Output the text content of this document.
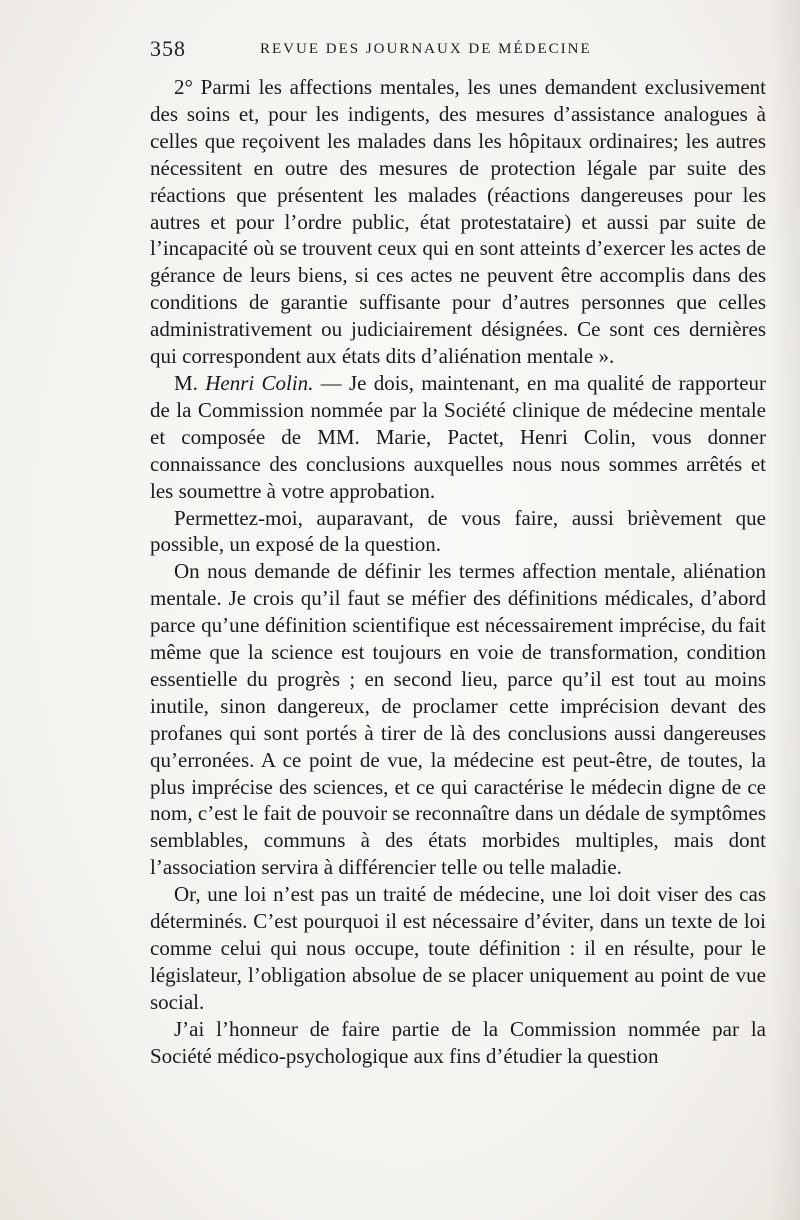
358	REVUE DES JOURNAUX DE MÉDECINE

2° Parmi les affections mentales, les unes demandent exclusivement des soins et, pour les indigents, des mesures d’assistance analogues à celles que reçoivent les malades dans les hôpitaux ordinaires; les autres nécessitent en outre des mesures de protection légale par suite des réactions que présentent les malades (réactions dangereuses pour les autres et pour l’ordre public, état protestataire) et aussi par suite de l’incapacité où se trouvent ceux qui en sont atteints d’exercer les actes de gérance de leurs biens, si ces actes ne peuvent être accomplis dans des conditions de garantie suffisante pour d’autres personnes que celles administrativement ou judiciairement désignées. Ce sont ces dernières qui correspondent aux états dits d’aliénation mentale ».

M. Henri Colin. — Je dois, maintenant, en ma qualité de rapporteur de la Commission nommée par la Société clinique de médecine mentale et composée de MM. Marie, Pactet, Henri Colin, vous donner connaissance des conclusions auxquelles nous nous sommes arrêtés et les soumettre à votre approbation.

Permettez-moi, auparavant, de vous faire, aussi brièvement que possible, un exposé de la question.

On nous demande de définir les termes affection mentale, aliénation mentale. Je crois qu’il faut se méfier des définitions médicales, d’abord parce qu’une définition scientifique est nécessairement imprécise, du fait même que la science est toujours en voie de transformation, condition essentielle du progrès ; en second lieu, parce qu’il est tout au moins inutile, sinon dangereux, de proclamer cette imprécision devant des profanes qui sont portés à tirer de là des conclusions aussi dangereuses qu’erronées. A ce point de vue, la médecine est peut-être, de toutes, la plus imprécise des sciences, et ce qui caractérise le médecin digne de ce nom, c’est le fait de pouvoir se reconnaître dans un dédale de symptômes semblables, communs à des états morbides multiples, mais dont l’association servira à différencier telle ou telle maladie.

Or, une loi n’est pas un traité de médecine, une loi doit viser des cas déterminés. C’est pourquoi il est nécessaire d’éviter, dans un texte de loi comme celui qui nous occupe, toute définition : il en résulte, pour le législateur, l’obligation absolue de se placer uniquement au point de vue social.

J’ai l’honneur de faire partie de la Commission nommée par la Société médico-psychologique aux fins d’étudier la question
